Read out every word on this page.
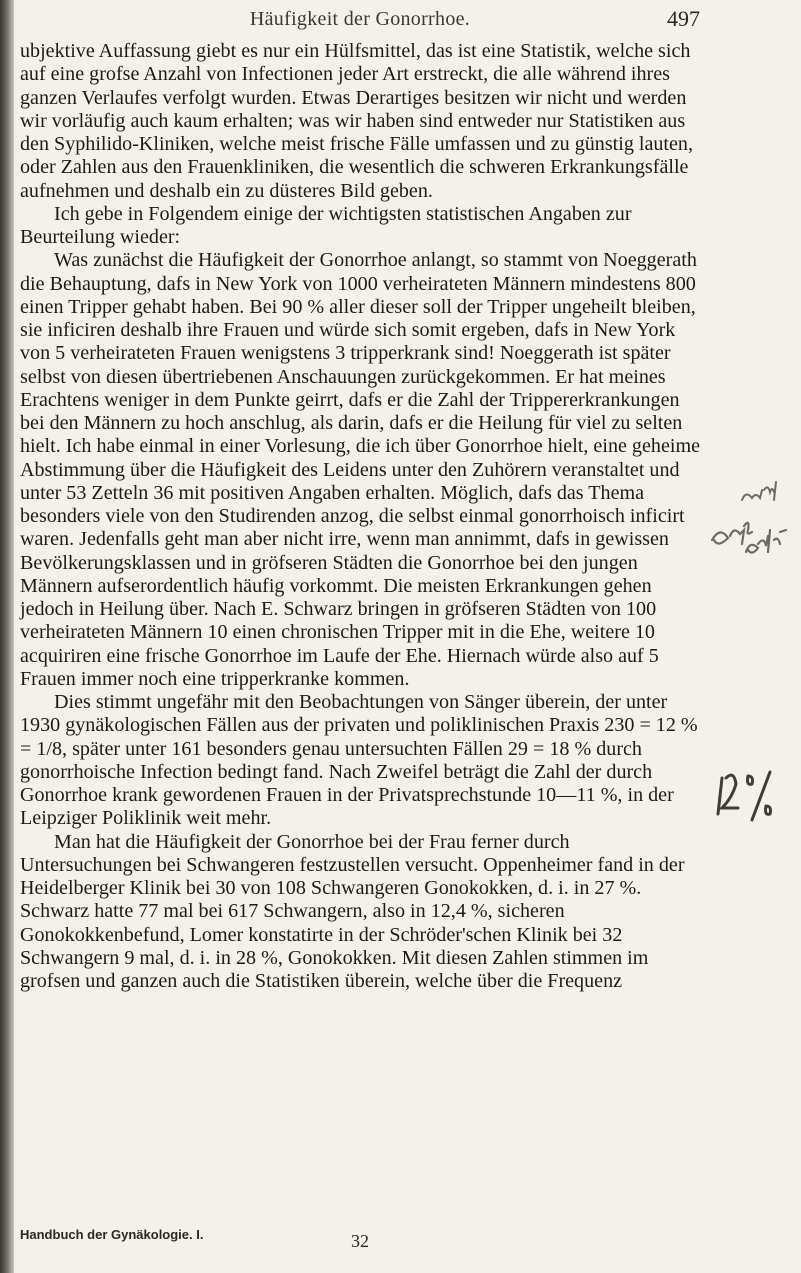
Häufigkeit der Gonorrhoe.	497

ubjektive Auffassung giebt es nur ein Hülfsmittel, das ist eine Statistik, welche sich auf eine grofse Anzahl von Infectionen jeder Art erstreckt, die alle während ihres ganzen Verlaufes verfolgt wurden. Etwas Derartiges besitzen wir nicht und werden wir vorläufig auch kaum erhalten; was wir haben sind entweder nur Statistiken aus den Syphilido-Kliniken, welche meist frische Fälle umfassen und zu günstig lauten, oder Zahlen aus den Frauenkliniken, die wesentlich die schweren Erkrankungsfälle aufnehmen und deshalb ein zu düsteres Bild geben.

Ich gebe in Folgendem einige der wichtigsten statistischen Angaben zur Beurteilung wieder:

Was zunächst die Häufigkeit der Gonorrhoe anlangt, so stammt von Noeggerath die Behauptung, dafs in New York von 1000 verheirateten Männern mindestens 800 einen Tripper gehabt haben. Bei 90 % aller dieser soll der Tripper ungeheilt bleiben, sie inficiren deshalb ihre Frauen und würde sich somit ergeben, dafs in New York von 5 verheirateten Frauen wenigstens 3 tripperkrank sind! Noeggerath ist später selbst von diesen übertriebenen Anschauungen zurückgekommen. Er hat meines Erachtens weniger in dem Punkte geirrt, dafs er die Zahl der Trippererkrankungen bei den Männern zu hoch anschlug, als darin, dafs er die Heilung für viel zu selten hielt. Ich habe einmal in einer Vorlesung, die ich über Gonorrhoe hielt, eine geheime Abstimmung über die Häufigkeit des Leidens unter den Zuhörern veranstaltet und unter 53 Zetteln 36 mit positiven Angaben erhalten. Möglich, dafs das Thema besonders viele von den Studirenden anzog, die selbst einmal gonorrhoisch inficirt waren. Jedenfalls geht man aber nicht irre, wenn man annimmt, dafs in gewissen Bevölkerungsklassen und in gröfseren Städten die Gonorrhoe bei den jungen Männern aufserordentlich häufig vorkommt. Die meisten Erkrankungen gehen jedoch in Heilung über. Nach E. Schwarz bringen in gröfseren Städten von 100 verheirateten Männern 10 einen chronischen Tripper mit in die Ehe, weitere 10 acquiriren eine frische Gonorrhoe im Laufe der Ehe. Hiernach würde also auf 5 Frauen immer noch eine tripperkranke kommen.

Dies stimmt ungefähr mit den Beobachtungen von Sänger überein, der unter 1930 gynäkologischen Fällen aus der privaten und poliklinischen Praxis 230 = 12 % = 1/8, später unter 161 besonders genau untersuchten Fällen 29 = 18 % durch gonorrhoische Infection bedingt fand. Nach Zweifel beträgt die Zahl der durch Gonorrhoe krank gewordenen Frauen in der Privatsprechstunde 10—11 %, in der Leipziger Poliklinik weit mehr.

Man hat die Häufigkeit der Gonorrhoe bei der Frau ferner durch Untersuchungen bei Schwangeren festzustellen versucht. Oppenheimer fand in der Heidelberger Klinik bei 30 von 108 Schwangeren Gonokokken, d. i. in 27 %. Schwarz hatte 77 mal bei 617 Schwangern, also in 12,4 %, sicheren Gonokokkenbefund, Lomer konstatirte in der Schröder'schen Klinik bei 32 Schwangern 9 mal, d. i. in 28 %, Gonokokken. Mit diesen Zahlen stimmen im grofsen und ganzen auch die Statistiken überein, welche über die Frequenz

Handbuch der Gynäkologie. I.	32
